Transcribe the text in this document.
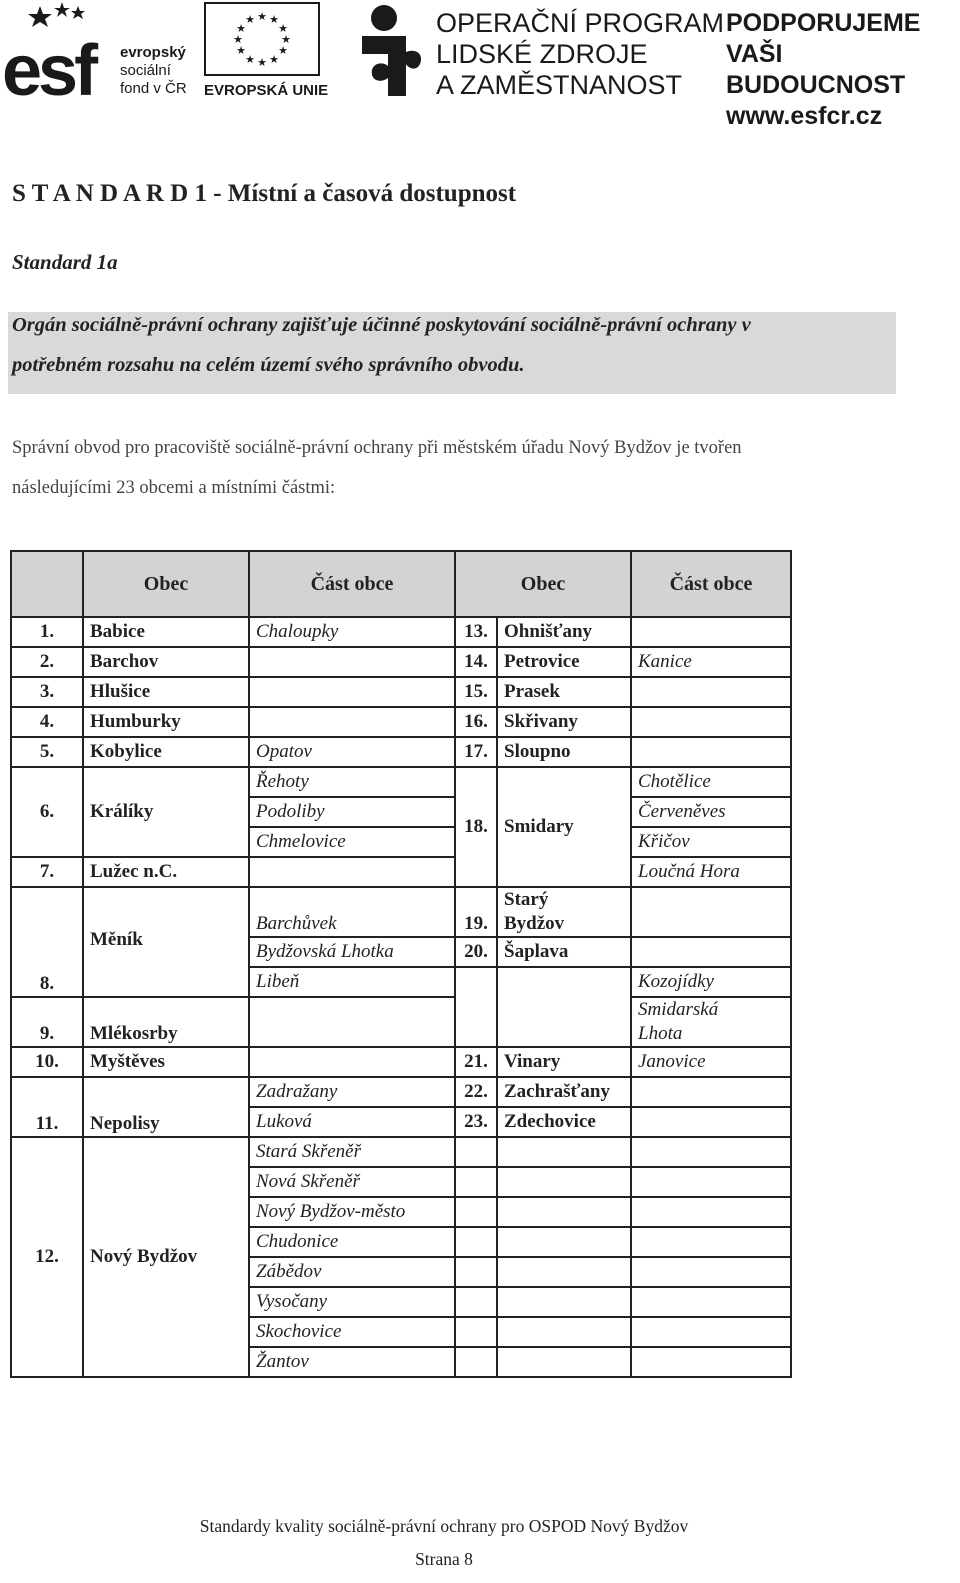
esf	evropský
sociální
fond v ČR
★ ★
★
★
★
★
★
★
★
★
★
★
EVROPSKÁ UNIE
OPERAČNÍ PROGRAM
LIDSKÉ ZDROJE
A ZAMĚSTNANOST
PODPORUJEME
VAŠI BUDOUCNOST
www.esfcr.cz
S T A N D A R D 1 - Místní a časová dostupnost
Standard 1a
Orgán sociálně-právní ochrany zajišťuje účinné poskytování sociálně-právní ochrany v
potřebném rozsahu na celém území svého správního obvodu.
Správní obvod pro pracoviště sociálně-právní ochrany při městském úřadu Nový Bydžov je tvořen
následujícími 23 obcemi a místními částmi:
	Obec	Část obce	Obec		Část obce
1.	Babice	Chaloupky	13.	Ohnišťany	
2.	Barchov		14.	Petrovice	Kanice
3.	Hlušice		15.	Prasek	
4.	Humburky		16.	Skřivany	
5.	Kobylice	Opatov	17.	Sloupno	
6.	Králíky	Řehoty	18.	Smidary	Chotělice
		Podoliby			Červeněves
		Chmelovice			Křičov
7.	Lužec n.C.				Loučná Hora
8.	Měník	Barchůvek	19.	Starý
Bydžov	

		Bydžovská Lhotka	20.	Šaplava	
		Libeň			Kozojídky
9.	Mlékosrby				Smidarská
Lhota

10.	Myštěves		21.	Vinary	Janovice
11.	Nepolisy	Zadražany	22.	Zachrašťany	
		Luková	23.	Zdechovice	
12.	Nový Bydžov	Stará Skřeněř			
		Nová Skřeněř			
		Nový Bydžov-město			
		Chudonice			
		Zábědov			
		Vysočany			
		Skochovice			
		Žantov			
Standardy kvality sociálně-právní ochrany pro OSPOD Nový Bydžov
Strana 8
